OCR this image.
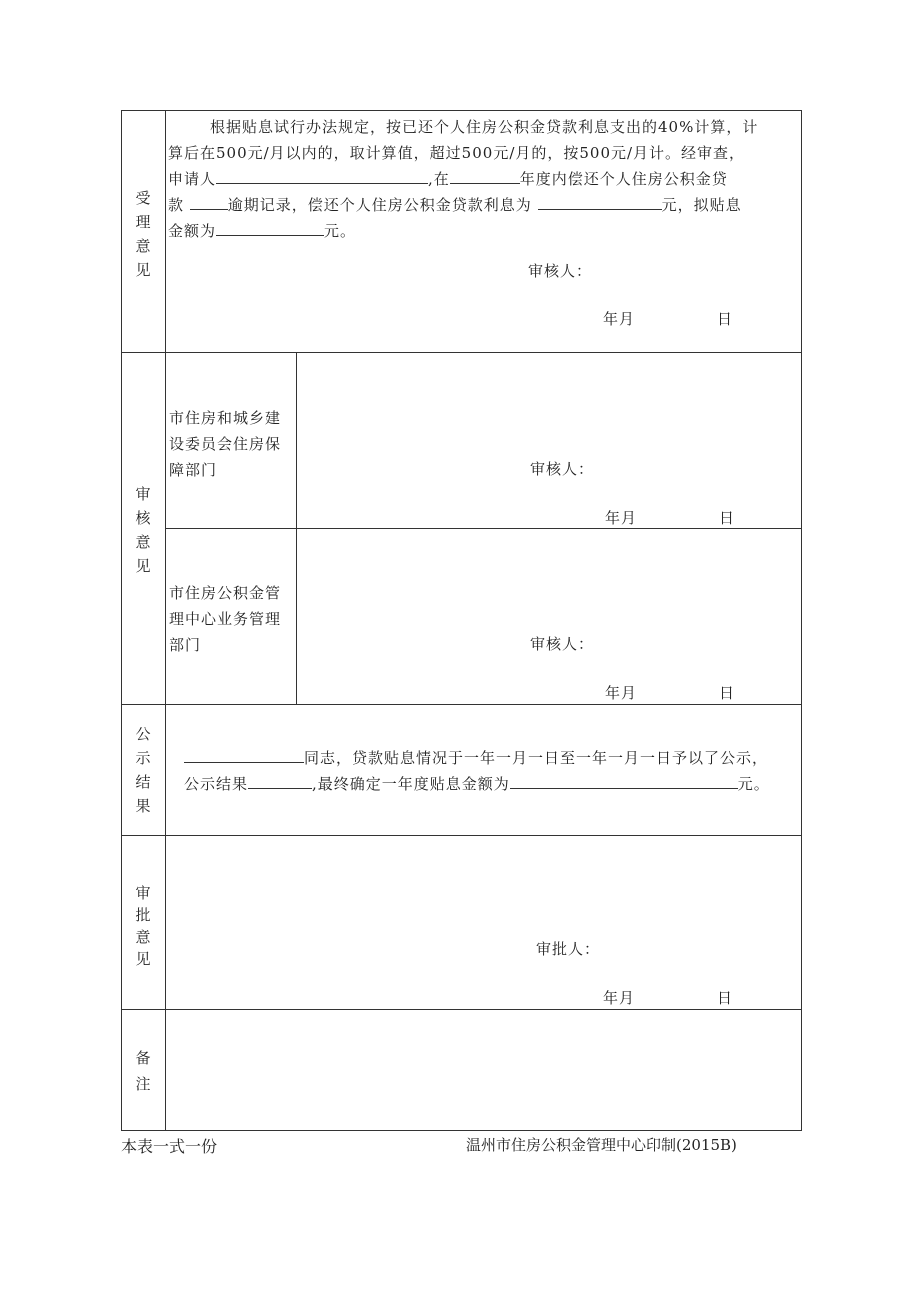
受
理
意
见
根据贴息试行办法规定，按已还个人住房公积金贷款利息支出的40%计算，计
算后在500元/月以内的，取计算值，超过500元/月的，按500元/月计。经审查，
申请人	,在	年度内偿还个人住房公积金贷
款	逾期记录，偿还个人住房公积金贷款利息为	元，拟贴息
金额为	元。
审核人：
年月	日
审
核
意
见
市住房和城乡建
设委员会住房保
障部门	审核人：
年月	日
市住房公积金管
理中心业务管理
部门	审核人：
年月	日
公
示
结
果
同志，贷款贴息情况于一年一月一日至一年一月一日予以了公示，
公示结果	,最终确定一年度贴息金额为	元。
审
批
意
见
审批人：
年月	日
备
注
本表一式一份	温州市住房公积金管理中心印制(2015B)
